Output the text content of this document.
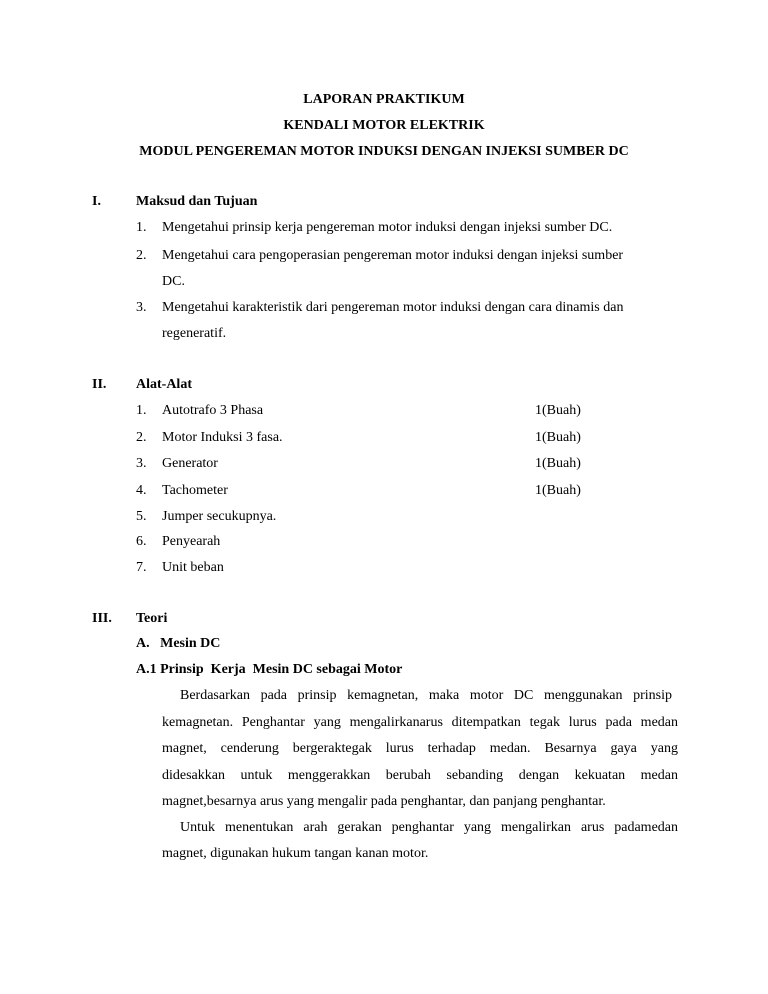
LAPORAN PRAKTIKUM
KENDALI MOTOR ELEKTRIK
MODUL PENGEREMAN MOTOR INDUKSI DENGAN INJEKSI SUMBER DC
I.	Maksud dan Tujuan
1. Mengetahui prinsip kerja pengereman motor induksi dengan injeksi sumber DC.
2. Mengetahui cara pengoperasian pengereman motor induksi dengan injeksi sumber
DC.
3. Mengetahui karakteristik dari pengereman motor induksi dengan cara dinamis dan
regeneratif.
II. Alat-Alat
1. Autotrafo 3 Phasa	1(Buah)
2. Motor Induksi 3 fasa.	1(Buah)
3. Generator	1(Buah)
4. Tachometer	1(Buah)
5. Jumper secukupnya.
6. Penyearah
7. Unit beban
III. Teori
A.   Mesin DC
A.1 Prinsip  Kerja  Mesin DC sebagai Motor
Berdasarkan pada prinsip kemagnetan, maka motor DC menggunakan prinsip
kemagnetan. Penghantar yang mengalirkanarus ditempatkan tegak lurus pada medan
magnet, cenderung bergeraktegak lurus terhadap medan. Besarnya gaya yang
didesakkan untuk menggerakkan berubah sebanding dengan kekuatan medan
magnet,besarnya arus yang mengalir pada penghantar, dan panjang penghantar.
Untuk menentukan arah gerakan penghantar yang mengalirkan arus padamedan
magnet, digunakan hukum tangan kanan motor.
